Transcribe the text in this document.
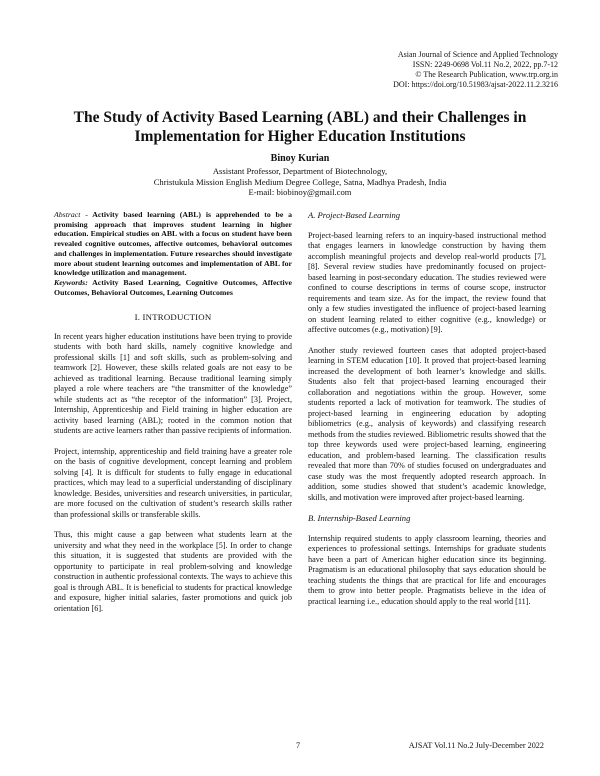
Asian Journal of Science and Applied Technology
ISSN: 2249-0698 Vol.11 No.2, 2022, pp.7-12
© The Research Publication, www.trp.org.in
DOI: https://doi.org/10.51983/ajsat-2022.11.2.3216
The Study of Activity Based Learning (ABL) and their Challenges in Implementation for Higher Education Institutions
Binoy Kurian
Assistant Professor, Department of Biotechnology,
Christukula Mission English Medium Degree College, Satna, Madhya Pradesh, India
E-mail: biobinoy@gmail.com
Abstract - Activity based learning (ABL) is apprehended to be a promising approach that improves student learning in higher education. Empirical studies on ABL with a focus on student have been revealed cognitive outcomes, affective outcomes, behavioral outcomes and challenges in implementation. Future researches should investigate more about student learning outcomes and implementation of ABL for knowledge utilization and management.
Keywords: Activity Based Learning, Cognitive Outcomes, Affective Outcomes, Behavioral Outcomes, Learning Outcomes
I. INTRODUCTION

In recent years higher education institutions have been trying to provide students with both hard skills, namely cognitive knowledge and professional skills [1] and soft skills, such as problem-solving and teamwork [2]. However, these skills related goals are not easy to be achieved as traditional learning. Because traditional learning simply played a role where teachers are “the transmitter of the knowledge” while students act as “the receptor of the information” [3]. Project, Internship, Apprenticeship and Field training in higher education are activity based learning (ABL); rooted in the common notion that students are active learners rather than passive recipients of information.

Project, internship, apprenticeship and field training have a greater role on the basis of cognitive development, concept learning and problem solving [4]. It is difficult for students to fully engage in educational practices, which may lead to a superficial understanding of disciplinary knowledge. Besides, universities and research universities, in particular, are more focused on the cultivation of student’s research skills rather than professional skills or transferable skills.

Thus, this might cause a gap between what students learn at the university and what they need in the workplace [5]. In order to change this situation, it is suggested that students are provided with the opportunity to participate in real problem-solving and knowledge construction in authentic professional contexts. The ways to achieve this goal is through ABL. It is beneficial to students for practical knowledge and exposure, higher initial salaries, faster promotions and quick job orientation [6].

A. Project-Based Learning

Project-based learning refers to an inquiry-based instructional method that engages learners in knowledge construction by having them accomplish meaningful projects and develop real-world products [7], [8]. Several review studies have predominantly focused on project-based learning in post-secondary education. The studies reviewed were confined to course descriptions in terms of course scope, instructor requirements and team size. As for the impact, the review found that only a few studies investigated the influence of project-based learning on student learning related to either cognitive (e.g., knowledge) or affective outcomes (e.g., motivation) [9].

Another study reviewed fourteen cases that adopted project-based learning in STEM education [10]. It proved that project-based learning increased the development of both learner’s knowledge and skills. Students also felt that project-based learning encouraged their collaboration and negotiations within the group. However, some students reported a lack of motivation for teamwork. The studies of project-based learning in engineering education by adopting bibliometrics (e.g., analysis of keywords) and classifying research methods from the studies reviewed. Bibliometric results showed that the top three keywords used were project-based learning, engineering education, and problem-based learning. The classification results revealed that more than 70% of studies focused on undergraduates and case study was the most frequently adopted research approach. In addition, some studies showed that student’s academic knowledge, skills, and motivation were improved after project-based learning.

B. Internship-Based Learning

Internship required students to apply classroom learning, theories and experiences to professional settings. Internships for graduate students have been a part of American higher education since its beginning. Pragmatism is an educational philosophy that says education should be teaching students the things that are practical for life and encourages them to grow into better people. Pragmatists believe in the idea of practical learning i.e., education should apply to the real world [11].

7	AJSAT Vol.11 No.2 July-December 2022
